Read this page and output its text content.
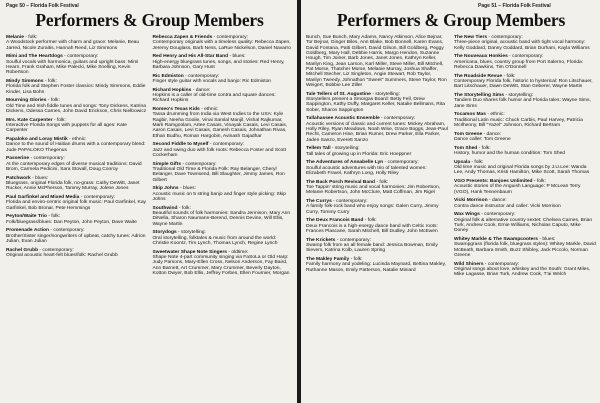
Page 50 – Florida Folk Festival
Performers & Group Members
Melanie - folk:
A Woodstock performer with charm and grace: Melanie, Beau Jarred, Nicole Zuraitis, Hannah Reed, Liz Simmons
Mimi and The Heartdogs - contemporary:
Soulful vocals with harmonica, guitars and upright bass: Mimi Hearn, Frank Graham, Mike Palecki, Mike Snelling, Kevin Robertson
Mindy Simmons - folk:
Florida folk and Stephen Foster classics: Mindy Simmons, Eddie Kinder, Lisa Bohn
Mourning Glories - folk:
Old Time and Irish fiddle tunes and songs: Tony Dickens, Katrina Dickens, Odessa Carnes, John David Erickson, Chris Nielbowicz
Mrs. Kate Carpenter - folk:
Interactive Florida Songs with puppets for all ages: Kate Carpenter
Papaloko and Loray Mistik - ethnic:
Dance to the sound of Haitian drums with a contemporary blend: Jude PAPALOKO Thegenus
Passerine - contemporary:
At the contemporary edges of diverse musical traditions: David Brom, Carmela Pedicini, Sara Stovall, Doug Conroy
Patchwork - blues:
Bluegrass, original Florida folk, no-grass: Cathy DeWitt, Janet Rucker, Annie McPherson, Tammy Murray, Jolene Jones
Paul Garfinkel and Mixed Media - contemporary:
Florida and enviro-centric original folk music: Paul Garfinkel, Kay Garfinkel, Bob Bronar, Pete Hemmings
Peyton/Waite Trio - folk:
Folk/bluegrass/blues: Dan Peyton, John Peyton, Dave Waite
Promenade Action - contemporary:
Brother/Sister singer/songwriters of upbeat, catchy tunes: Adrion Julian, Evan Julian
Rachel Grubb - contemporary:
Original acoustic heart-felt blues/folk: Rachel Grubb
Rebecca Zapen & Friends - contemporary:
Contemporary originals with a timeless quality: Rebecca Zapen, Jeremy Douglass, Barb Ness, LaRue Nickelson, Daniel Navarro
Red Henry and His All-Star Band - blues:
High-energy bluegrass tunes, songs, and stories: Red Henry, Barbara Johnson, Gary Hunt
Ric Edmiston - contemporary:
Finger style guitar with vocals and banjo: Ric Edmiston
Richard Hopkins - dance:
Hopkins is a caller of old-time contra and square dances: Richard Hopkins
Romeo's Texas Kids - ethnic:
Tassa drumming from India via West Indies to the USA: Kyle Ragbir, Neeha Goolie, Vinai Samlal Manjil, Vishal Rajkumar, Mark Ramgoolam, Artee Casais, Vinayak Casais, Levi Casais, Aaron Casais, Levi Casais, Ganesh Casais, Johnathan Rivas, Ethan Budhu, Roman Hargobin, Avinash Gajadhar
Second Fiddle to Myself - contemporary:
Jazz and swing duo with folk roots: Rebecca Foster and Scott Cockerham
Simple Gifts - contemporary:
Traditional Old Time & Florida Folk: Ray Belanger, Cheryl Belanger, Dave Townsend, Bill Slaughter, Jimmy James, Ron Gilbert
Skip Johns - blues:
Acoustic music on 5 string banjo and finger style picking: Skip Johns
Southwind - folk:
Beautiful sounds of folk harmonies: Sandra Jennison, Mary Ann DiNella, Sharon Naumann-Berend, Dennis Devine, Will Ellis, Wayne Martin
Storydogs - storytelling:
Oral storytelling, folktales & music from around the world: Christie Koontz, Tim Lynch, Thomas Lynch, Regine Lynch
Sweetwater Shape Note Singers - oldtime:
Shape Note 4-part community singing via FaSoLa or Old Harp: Judy Parsons, Mary-Ellen Cross, Nelson Anderson, Fay Baird, Ann Barnett, Art Crummer, Mary Crummer, Beverly Dayton, Kotton Dwyer, Bob Ellis, Jeffrey Forbes, Ellen Fournier, Morgan
Page 51 – Florida Folk Festival
Performers & Group Members
Bunch, Sue Bunch, Mary Adams, Nancy Atkinson, Alice Bejnar, Tor Bejnar, Ginger Biles, Ann Blake, Bob Bonnell, Karen Evans, David Fontana, Patti Gilbert, David Gilson, Bill Goldberg, Peggy Goldberg, Mary Hall, Debbie Harris, Margo Hendon, Suzanne Hough, Tim Joiner, Barb Jones, Janet Jones, Kathryn Keller, Marilyn King, Jean Larson, Karl Miller, Steve Miller, Bill Mitchell, Pat Morse, Thatcher Morse, Melanie Murray, Joshua Shaffer, Mitchell Stecher, Liz Singleton, Angie Stewart, Rob Taylor, Marilyn Tweedy, Johnathon "Sweet" Summers, Steve Taylor, Ron Weigert, Bobbie Lee Ziller
Tale Tellers of St. Augustine - storytelling:
Storytellers present a Smorgas Board: Betty Fell, Drew Sappington, Kathy Duffy, Margaret Keller, Natalie Bellmans, Rita Sober, Sharon Sappington
Tallahassee Acoustic Ensemble - contemporary:
Acoustic versions of classic and current tunes: Mickey Abraham, Holly Riley, Ryan Meadows, Noah Wise, Grace Boggs, Jean-Paul Recht, Cameron Hine, Brian Rumer, Drew Parker, Ella Parker, Jaden Sanzo, Everett Sanzo
Tellem Tall - storytelling:
Tall tales of growing up in Florida: Eric Hoeppner
The Adventures of Annabelle Lyn - contemporary:
Soulful acoustic adventures with trio of talented women: Elizabeth Fravel, Kathryn Long, Holly Riley
The Back Porch Revival Band - folk:
Toe Tappin' string music and vocal harmonies: Jim Robertson, Melanie Robertson, John McClure, Matt Coffman, Jim Rigel
The Currys - contemporary:
A family folk-rock band who enjoy songs: Galen Curry, Jimmy Curry, Tommy Curry
The Deux Francois Band - folk:
Deux Francois is a high-energy dance band with Celtic roots: Frances Plascane, Sarah Mitchell, Bill Dudley, John McEwen
The Krickets - contemporary:
Swamp folk from an all female band: Jessica Bowman, Emily Sievers, Katrina Kolb, Lauren Spring
The Makley Family - folk:
Family harmony and yodeling: Lucinda Maynard, Bettina Makley, Ruthanne Mason, Emily Patterson, Natalie Miniard
The New Tiers - contemporary:
Three-piece original, acoustic band with tight vocal harmony: Kelly Goddard, Danny Goddard, Brian Durham, Kayla Williams
The Nouveaux Honkies - contemporary:
Americana, blues, country group from Port Salerno, Florida: Rebecca Dawkins, Tim O'Donnell
The Roadside Revue - folk:
Contemporary Florida folk, historic to hysterical: Ron Litschauer, Bart Litschauer, Dawn DeWitt, Stan Geberer, Wayne Martin
The Storytelling Sims - storytelling:
Tandem Duo shares folk humor and Florida tales: Wayne Sims, Jane Sims
Tocamos Mas - ethnic:
Traditional Latin music: Chuck Carbis, Paul Harvey, Patricia McIlhenny, Bill "Yazel" Johnson, Richard Bertram
Tom Greene - dance:
Dance caller: Tom Greene
Tom Shed - folk:
History, humor and the human condition: Tom Shed
Upsala - folk:
Old time music and original Florida songs by J.U.Lee: Wanda Lee, Andy Thomas, Kristi Hamilton, Mike Scott, Sarah Thomas
VGO Presents: Banjoes Unlimited - folk:
Acoustic stories of the Anguish Language: P McLean Terry (VGO), Hank Tennenbaum
Vicki Morrison - dance:
Contra dance instructor and caller: Vicki Morrison
Wax Wings - contemporary:
Original folk & alternative country sextet: Chelsea Carnes, Brian Turk, Andrew Cook, Ernie Williams, Nicholas Caputo, Mike Doney
Whitey Markle & The Swampcooters - blues:
Swampgrass (florida folk, bluegrass styles): Whitey Markle, David McBeath, Barbara Smith, Buzz Shibley, Jack Piccolo, Norman Greene
Wild Shiners - contemporary:
Original songs about love, whiskey and the South: Grant Miles, Mike Lagasse, Brian Turk, Andrew Cook, T'ai Welch
